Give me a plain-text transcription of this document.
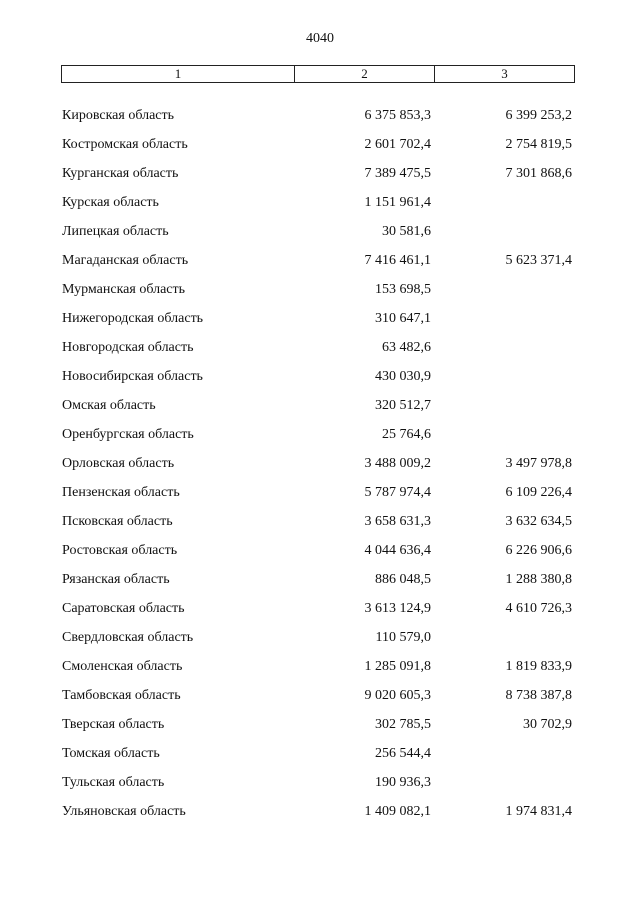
4040
1	2	3
Кировская область	6 375 853,3	6 399 253,2
Костромская область	2 601 702,4	2 754 819,5
Курганская область	7 389 475,5	7 301 868,6
Курская область	1 151 961,4
Липецкая область	30 581,6
Магаданская область	7 416 461,1	5 623 371,4
Мурманская область	153 698,5
Нижегородская область	310 647,1
Новгородская область	63 482,6
Новосибирская область	430 030,9
Омская область	320 512,7
Оренбургская область	25 764,6
Орловская область	3 488 009,2	3 497 978,8
Пензенская область	5 787 974,4	6 109 226,4
Псковская область	3 658 631,3	3 632 634,5
Ростовская область	4 044 636,4	6 226 906,6
Рязанская область	886 048,5	1 288 380,8
Саратовская область	3 613 124,9	4 610 726,3
Свердловская область	110 579,0
Смоленская область	1 285 091,8	1 819 833,9
Тамбовская область	9 020 605,3	8 738 387,8
Тверская область	302 785,5	30 702,9
Томская область	256 544,4
Тульская область	190 936,3
Ульяновская область	1 409 082,1	1 974 831,4
